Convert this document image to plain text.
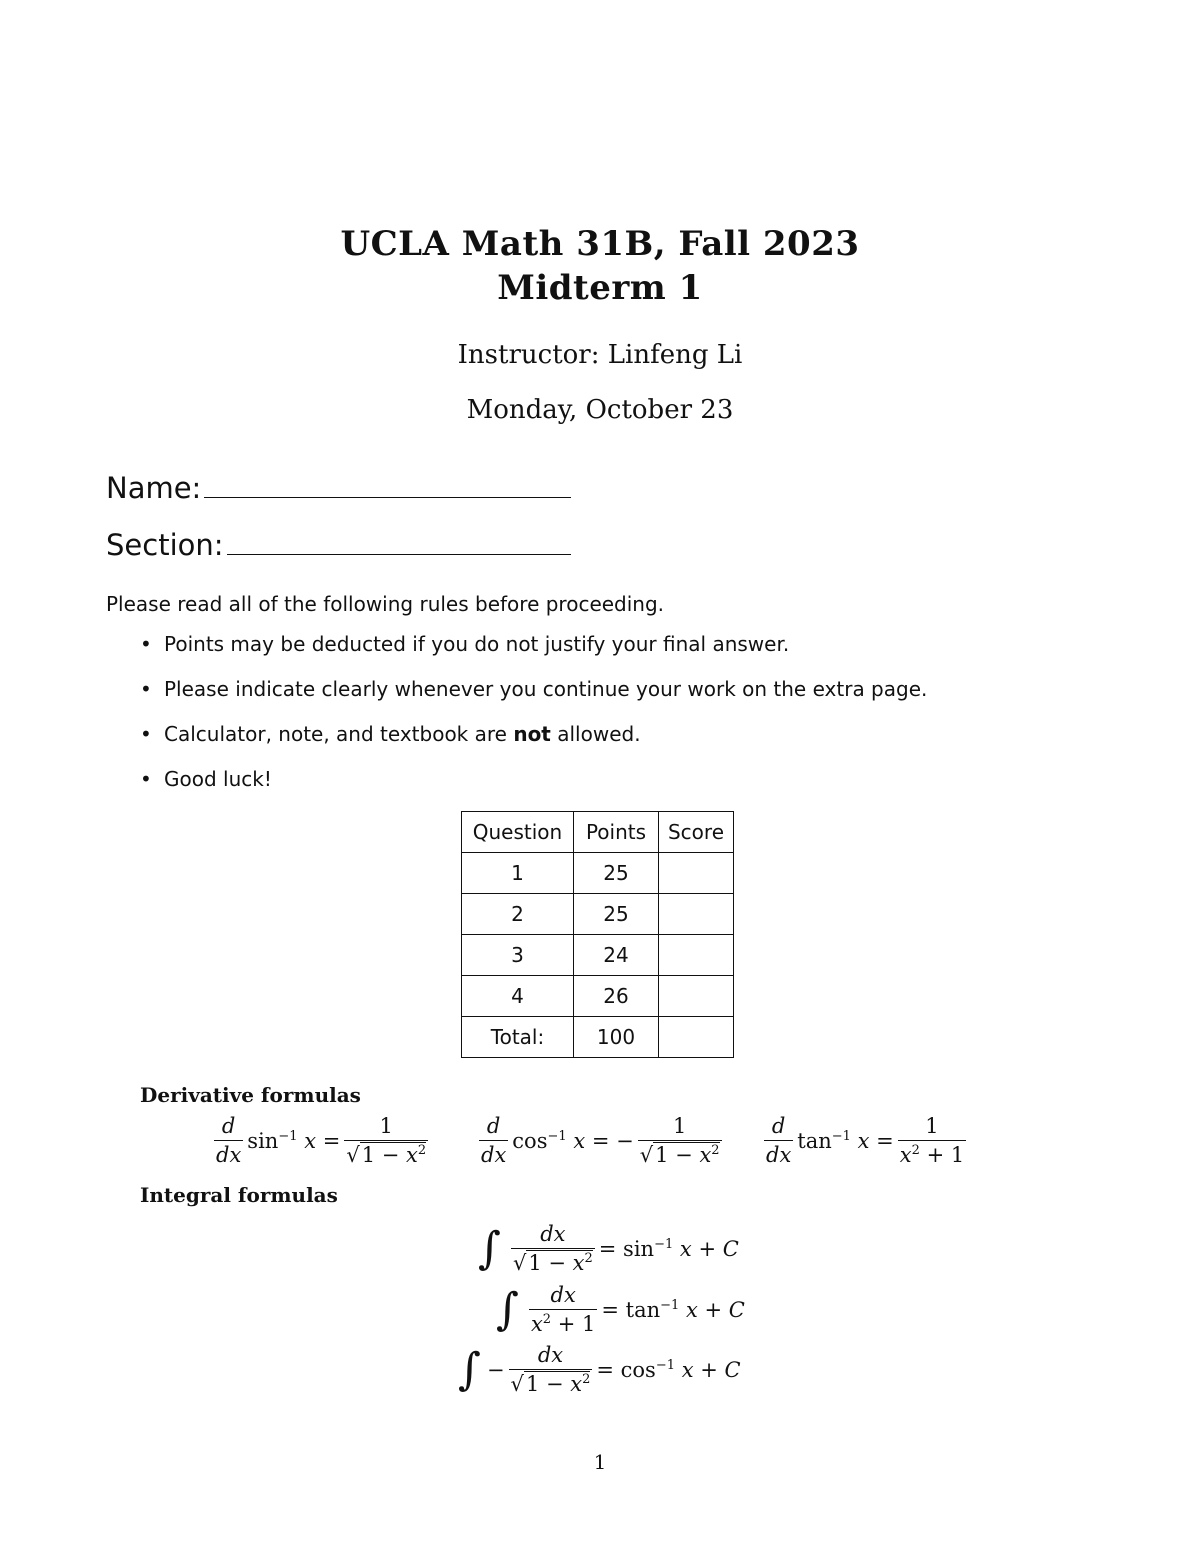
UCLA Math 31B, Fall 2023
Midterm 1
Instructor: Linfeng Li
Monday, October 23
Name:
Section:
Please read all of the following rules before proceeding.
• Points may be deducted if you do not justify your final answer.
• Please indicate clearly whenever you continue your work on the extra page.
• Calculator, note, and textbook are not allowed.
• Good luck!
Question	Points	Score
1	25	
2	25	
3	24	
4	26	
Total:	100	
Derivative formulas
$\frac{d}{dx} \sin^{-1} x = \frac{1}{√1 - x^2} \frac{d}{dx} \cos^{-1} x$ = − $\frac{1}{√1 - x^2} \frac{d}{dx} \tan^{-1} x = \frac{1}{x^2 + 1}$
Integral formulas
∫ $\frac{dx}{√1 - x^2} = \sin^{-1} x + C$
∫ $\frac{dx}{x^2 + 1} = \tan^{-1} x + C$
∫ − $\frac{dx}{√1 - x^2} = \cos^{-1} x + C$
1
